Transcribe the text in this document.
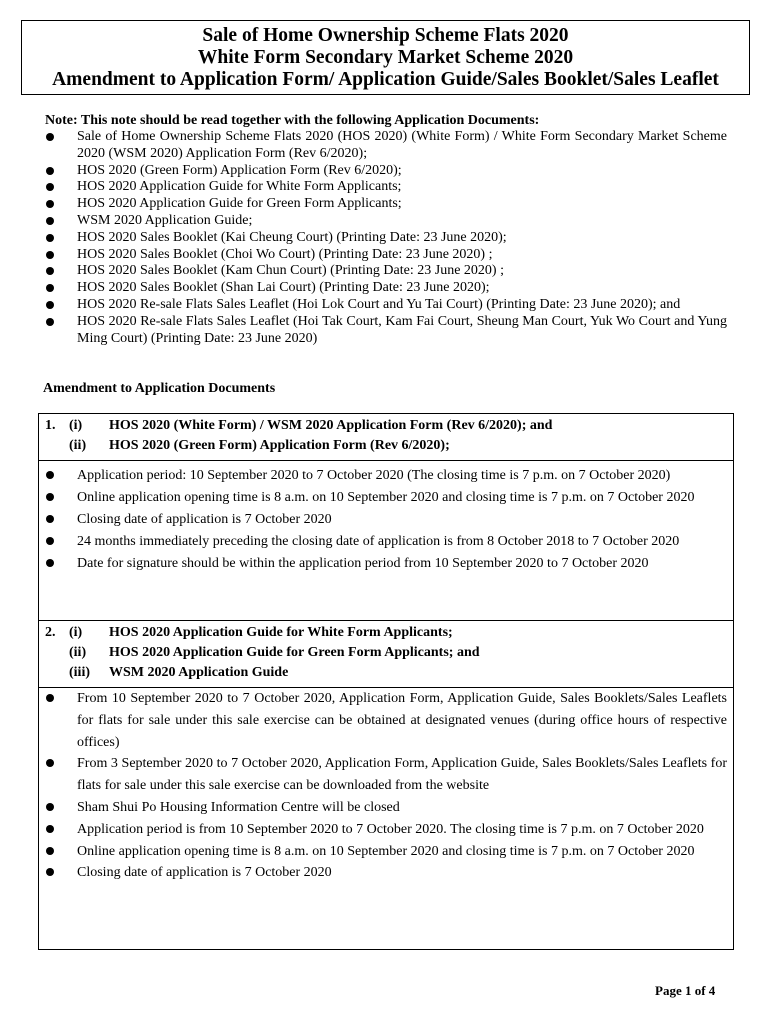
Sale of Home Ownership Scheme Flats 2020
White Form Secondary Market Scheme 2020
Amendment to Application Form/ Application Guide/Sales Booklet/Sales Leaflet
Note: This note should be read together with the following Application Documents:
Sale of Home Ownership Scheme Flats 2020 (HOS 2020) (White Form) / White Form Secondary Market Scheme 2020 (WSM 2020) Application Form (Rev 6/2020);
HOS 2020 (Green Form) Application Form (Rev 6/2020);
HOS 2020 Application Guide for White Form Applicants;
HOS 2020 Application Guide for Green Form Applicants;
WSM 2020 Application Guide;
HOS 2020 Sales Booklet (Kai Cheung Court) (Printing Date: 23 June 2020);
HOS 2020 Sales Booklet (Choi Wo Court) (Printing Date: 23 June 2020) ;
HOS 2020 Sales Booklet (Kam Chun Court) (Printing Date: 23 June 2020) ;
HOS 2020 Sales Booklet (Shan Lai Court) (Printing Date: 23 June 2020);
HOS 2020 Re-sale Flats Sales Leaflet (Hoi Lok Court and Yu Tai Court) (Printing Date: 23 June 2020); and
HOS 2020 Re-sale Flats Sales Leaflet (Hoi Tak Court, Kam Fai Court, Sheung Man Court, Yuk Wo Court and Yung Ming Court) (Printing Date: 23 June 2020)
Amendment to Application Documents
1. (i)	HOS 2020 (White Form) / WSM 2020 Application Form (Rev 6/2020); and
(ii)	HOS 2020 (Green Form) Application Form (Rev 6/2020);
Application period: 10 September 2020 to 7 October 2020 (The closing time is 7 p.m. on 7 October 2020)
Online application opening time is 8 a.m. on 10 September 2020 and closing time is 7 p.m. on 7 October 2020
Closing date of application is 7 October 2020
24 months immediately preceding the closing date of application is from 8 October 2018 to 7 October 2020
Date for signature should be within the application period from 10 September 2020 to 7 October 2020
2. (i)	HOS 2020 Application Guide for White Form Applicants;
(ii)	HOS 2020 Application Guide for Green Form Applicants; and
(iii)	WSM 2020 Application Guide
From 10 September 2020 to 7 October 2020, Application Form, Application Guide, Sales Booklets/Sales Leaflets for flats for sale under this sale exercise can be obtained at designated venues (during office hours of respective offices)
From 3 September 2020 to 7 October 2020, Application Form, Application Guide, Sales Booklets/Sales Leaflets for flats for sale under this sale exercise can be downloaded from the website
Sham Shui Po Housing Information Centre will be closed
Application period is from 10 September 2020 to 7 October 2020. The closing time is 7 p.m. on 7 October 2020
Online application opening time is 8 a.m. on 10 September 2020 and closing time is 7 p.m. on 7 October 2020
Closing date of application is 7 October 2020
Page 1 of 4
